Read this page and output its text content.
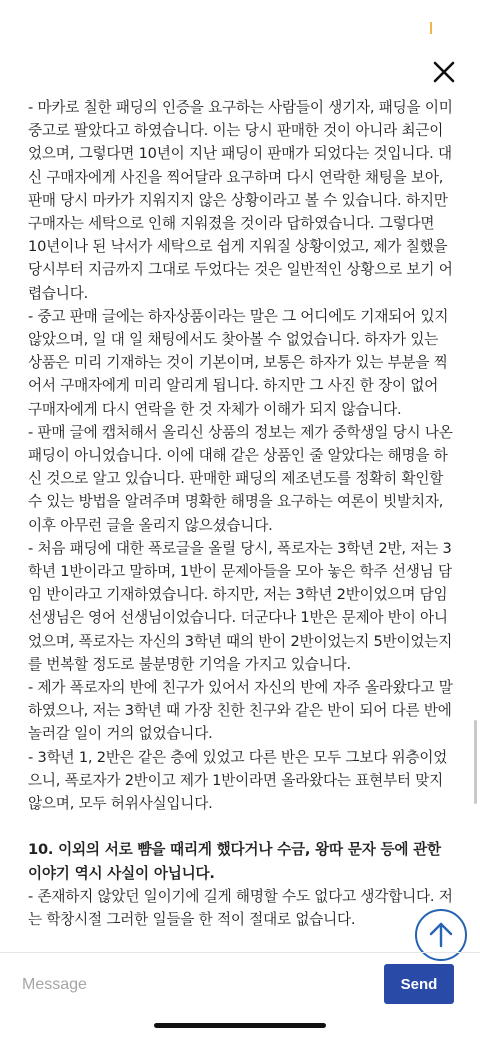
- 마카로 칠한 패딩의 인증을 요구하는 사람들이 생기자, 패딩을 이미 중고로 팔았다고 하였습니다. 이는 당시 판매한 것이 아니라 최근이었으며, 그렇다면 10년이 지난 패딩이 판매가 되었다는 것입니다. 대신 구매자에게 사진을 찍어달라 요구하며 다시 연락한 채팅을 보아, 판매 당시 마카가 지워지지 않은 상황이라고 볼 수 있습니다. 하지만 구매자는 세탁으로 인해 지워졌을 것이라 답하였습니다. 그렇다면 10년이나 된 낙서가 세탁으로 쉽게 지워질 상황이었고, 제가 칠했을 당시부터 지금까지 그대로 두었다는 것은 일반적인 상황으로 보기 어렵습니다.

- 중고 판매 글에는 하자상품이라는 말은 그 어디에도 기재되어 있지 않았으며, 일 대 일 채팅에서도 찾아볼 수 없었습니다. 하자가 있는 상품은 미리 기재하는 것이 기본이며, 보통은 하자가 있는 부분을 찍어서 구매자에게 미리 알리게 됩니다. 하지만 그 사진 한 장이 없어 구매자에게 다시 연락을 한 것 자체가 이해가 되지 않습니다.

- 판매 글에 캡처해서 올리신 상품의 정보는 제가 중학생일 당시 나온 패딩이 아니었습니다. 이에 대해 같은 상품인 줄 알았다는 해명을 하신 것으로 알고 있습니다. 판매한 패딩의 제조년도를 정확히 확인할 수 있는 방법을 알려주며 명확한 해명을 요구하는 여론이 빗발치자, 이후 아무런 글을 올리지 않으셨습니다.

- 처음 패딩에 대한 폭로글을 올릴 당시, 폭로자는 3학년 2반, 저는 3학년 1반이라고 말하며, 1반이 문제아들을 모아 놓은 학주 선생님 담임 반이라고 기재하였습니다. 하지만, 저는 3학년 2반이었으며 담임 선생님은 영어 선생님이었습니다. 더군다나 1반은 문제아 반이 아니었으며, 폭로자는 자신의 3학년 때의 반이 2반이었는지 5반이었는지를 번복할 정도로 불분명한 기억을 가지고 있습니다.

- 제가 폭로자의 반에 친구가 있어서 자신의 반에 자주 올라왔다고 말하였으나, 저는 3학년 때 가장 친한 친구와 같은 반이 되어 다른 반에 놀러갈 일이 거의 없었습니다.

- 3학년 1, 2반은 같은 층에 있었고 다른 반은 모두 그보다 위층이었으니, 폭로자가 2반이고 제가 1반이라면 올라왔다는 표현부터 맞지 않으며, 모두 허위사실입니다.

10. 이외의 서로 뺨을 때리게 했다거나 수금, 왕따 문자 등에 관한 이야기 역시 사실이 아닙니다.

- 존재하지 않았던 일이기에 길게 해명할 수도 없다고 생각합니다. 저는 학창시절 그러한 일들을 한 적이 절대로 없습니다.

Message
Send
